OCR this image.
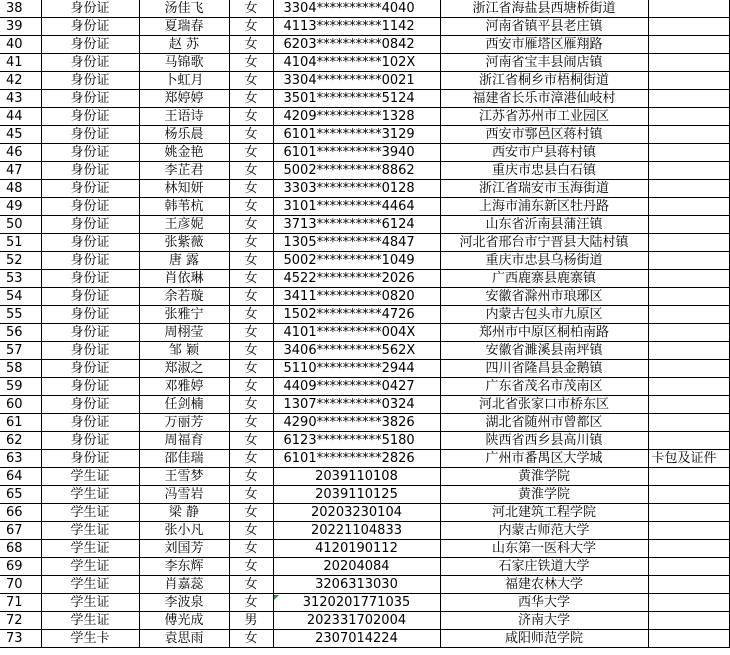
38	身份证	汤佳飞	女	3304**********4040	浙江省海盐县西塘桥街道	
39	身份证	夏瑞春	女	4113**********1142	河南省镇平县老庄镇	
40	身份证	赵 苏	女	6203**********0842	西安市雁塔区雁翔路	
41	身份证	马锦歌	女	4104**********102X	河南省宝丰县闹店镇	
42	身份证	卜虹月	女	3304**********0021	浙江省桐乡市梧桐街道	
43	身份证	郑婷婷	女	3501**********5124	福建省长乐市漳港仙岐村	
44	身份证	王语诗	女	4209**********1328	江苏省苏州市工业园区	
45	身份证	杨乐晨	女	6101**********3129	西安市鄠邑区蒋村镇	
46	身份证	姚金艳	女	6101**********3940	西安市户县蒋村镇	
47	身份证	李芷君	女	5002**********8862	重庆市忠县白石镇	
48	身份证	林知妍	女	3303**********0128	浙江省瑞安市玉海街道	
49	身份证	韩苇杭	女	3101**********4464	上海市浦东新区牡丹路	
50	身份证	王彦妮	女	3713**********6124	山东省沂南县蒲汪镇	
51	身份证	张紫薇	女	1305**********4847	河北省邢台市宁晋县大陆村镇	
52	身份证	唐 露	女	5002**********1049	重庆市忠县乌杨街道	
53	身份证	肖依琳	女	4522**********2026	广西鹿寨县鹿寨镇	
54	身份证	余若璇	女	3411**********0820	安徽省滁州市琅琊区	
55	身份证	张雅宁	女	1502**********4726	内蒙古包头市九原区	
56	身份证	周栩莹	女	4101**********004X	郑州市中原区桐柏南路	
57	身份证	邹 颖	女	3406**********562X	安徽省濉溪县南坪镇	
58	身份证	郑淑之	女	5110**********2944	四川省隆昌县金鹅镇	
59	身份证	邓雅婷	女	4409**********0427	广东省茂名市茂南区	
60	身份证	任剑楠	女	1307**********0324	河北省张家口市桥东区	
61	身份证	万丽芳	女	4290**********3826	湖北省随州市曾都区	
62	身份证	周福育	女	6123**********5180	陕西省西乡县高川镇	
63	身份证	邵佳瑞	女	6101**********2826	广州市番禺区大学城	卡包及证件
64	学生证	王雪梦	女	2039110108	黄淮学院	
65	学生证	冯雪岩	女	2039110125	黄淮学院	
66	学生证	梁 静	女	20203230104	河北建筑工程学院	
67	学生证	张小凡	女	20221104833	内蒙古师范大学	
68	学生证	刘国芳	女	4120190112	山东第一医科大学	
69	学生证	李东辉	女	20204084	石家庄铁道大学	
70	学生证	肖嘉蕊	女	3206313030	福建农林大学	
71	学生证	李波泉	女	3120201771035	西华大学	
72	学生证	傅光成	男	202331702004	济南大学	
73	学生卡	袁思雨	女	2307014224	咸阳师范学院	
